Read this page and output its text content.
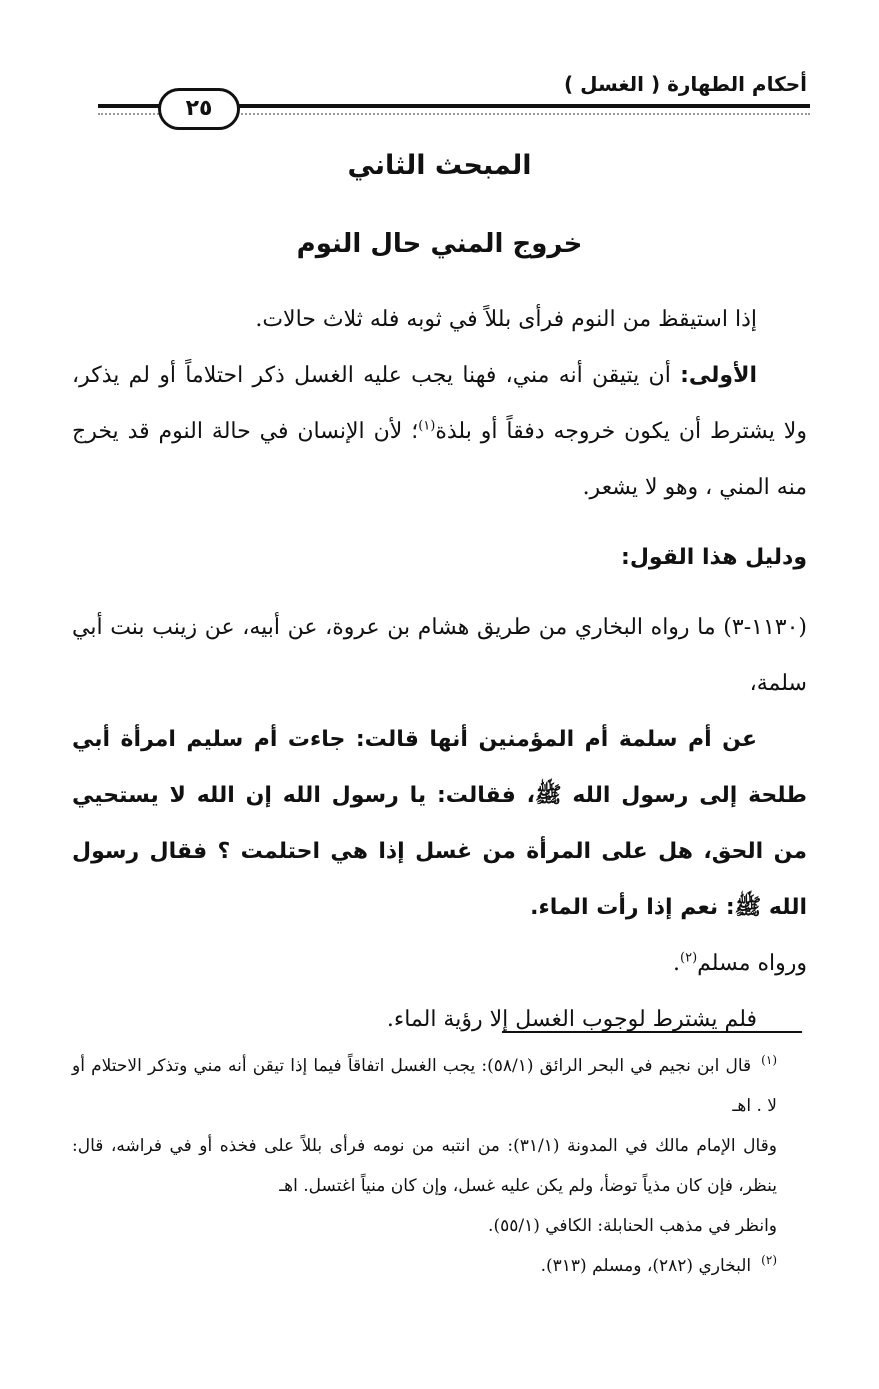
أحكام الطهارة ( الغسل )
٢٥
المبحث الثاني
خروج المني حال النوم

إذا استيقظ من النوم فرأى بللاً في ثوبه فله ثلاث حالات.

الأولى: أن يتيقن أنه مني، فهنا يجب عليه الغسل ذكر احتلاماً أو لم يذكر، ولا يشترط أن يكون خروجه دفقاً أو بلذة$^{(١)}$؛ لأن الإنسان في حالة النوم قد يخرج منه المني ، وهو لا يشعر.

ودليل هذا القول:

(١١٣٠-٣) ما رواه البخاري من طريق هشام بن عروة، عن أبيه، عن زينب بنت أبي سلمة،

عن أم سلمة أم المؤمنين أنها قالت: جاءت أم سليم امرأة أبي طلحة إلى رسول الله ﷺ، فقالت: يا رسول الله إن الله لا يستحيي من الحق، هل على المرأة من غسل إذا هي احتلمت ؟ فقال رسول الله ﷺ: نعم إذا رأت الماء.

ورواه مسلم$^{(٢)}$.

فلم يشترط لوجوب الغسل إلا رؤية الماء.

$^{(١)}$قال ابن نجيم في البحر الرائق (٥٨/١): يجب الغسل اتفاقاً فيما إذا تيقن أنه مني وتذكر الاحتلام أو لا . اهـ

وقال الإمام مالك في المدونة (٣١/١): من انتبه من نومه فرأى بللاً على فخذه أو في فراشه، قال: ينظر، فإن كان مذياً توضأ، ولم يكن عليه غسل، وإن كان منياً اغتسل. اهـ

وانظر في مذهب الحنابلة: الكافي (٥٥/١).

$^{(٢)}$البخاري (٢٨٢)، ومسلم (٣١٣).
